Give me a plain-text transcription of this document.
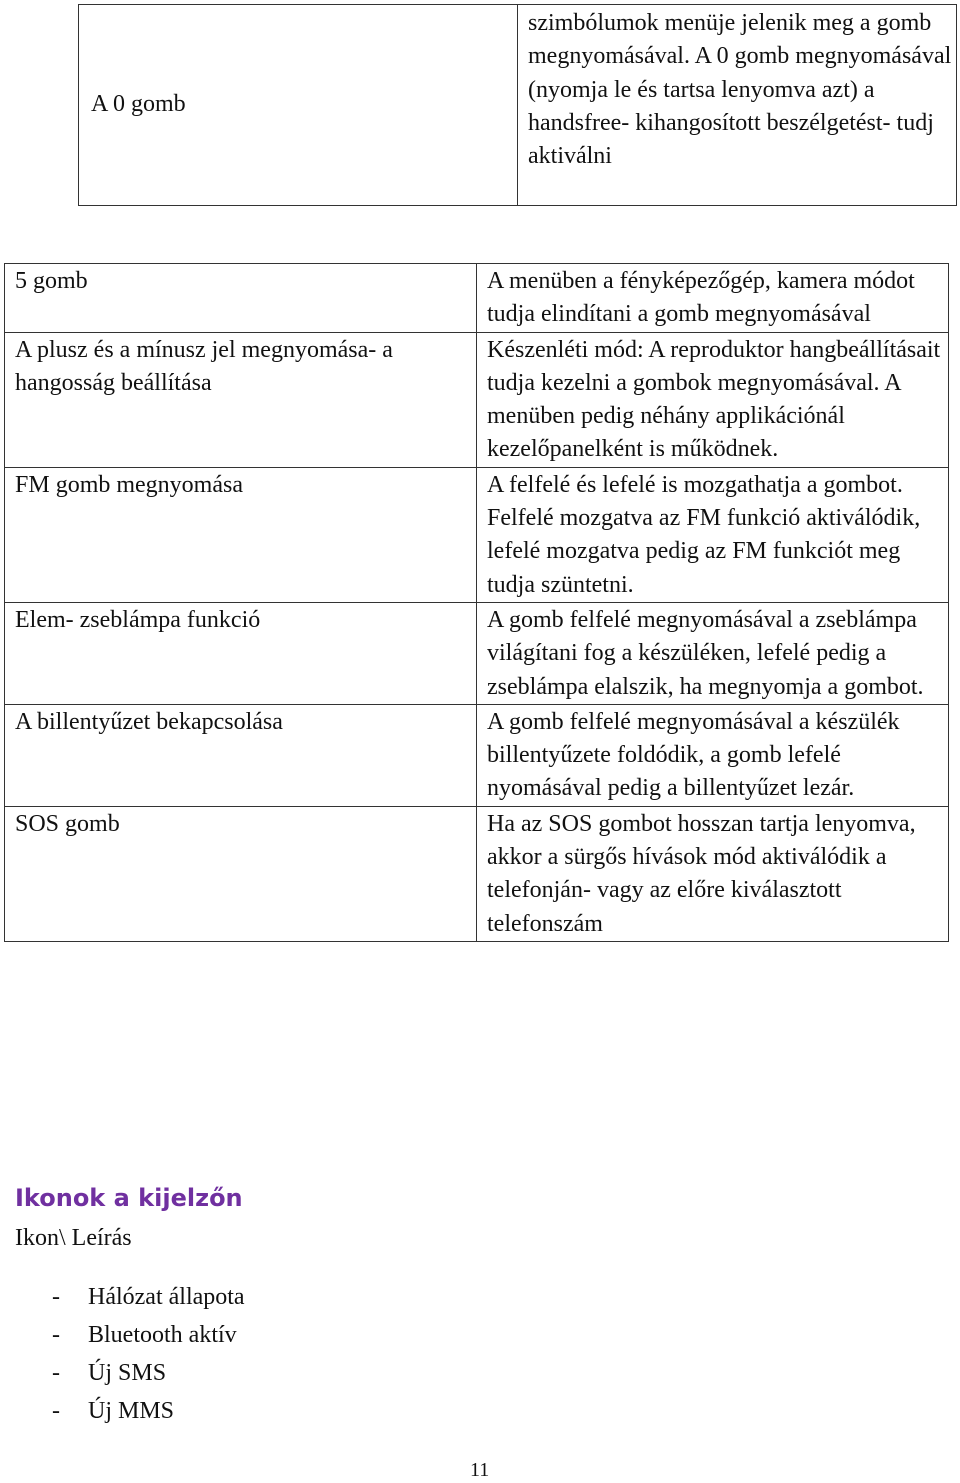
A 0 gomb	szimbólumok menüje jelenik meg a gomb megnyomásával. A 0 gomb megnyomásával (nyomja le és tartsa lenyomva azt) a handsfree- kihangosított beszélgetést- tudj aktiválni
5 gomb	A menüben a fényképezőgép, kamera módot tudja elindítani a gomb megnyomásával
A plusz és a mínusz jel megnyomása- a hangosság beállítása	Készenléti mód: A reproduktor hangbeállításait tudja kezelni a gombok megnyomásával. A menüben pedig néhány applikációnál kezelőpanelként is működnek.
FM gomb megnyomása	A felfelé és lefelé is mozgathatja a gombot. Felfelé mozgatva az FM funkció aktiválódik, lefelé mozgatva pedig az FM funkciót meg tudja szüntetni.
Elem- zseblámpa funkció	A gomb felfelé megnyomásával a zseblámpa világítani fog a készüléken, lefelé pedig a zseblámpa elalszik, ha megnyomja a gombot.
A billentyűzet bekapcsolása	A gomb felfelé megnyomásával a készülék billentyűzete foldódik, a gomb lefelé nyomásával pedig a billentyűzet lezár.
SOS gomb	Ha az SOS gombot hosszan tartja lenyomva, akkor a sürgős hívások mód aktiválódik a telefonján- vagy az előre kiválasztott telefonszám
Ikonok a kijelzőn
Ikon\ Leírás
- Hálózat állapota
- Bluetooth aktív
- Új SMS
- Új MMS
11
